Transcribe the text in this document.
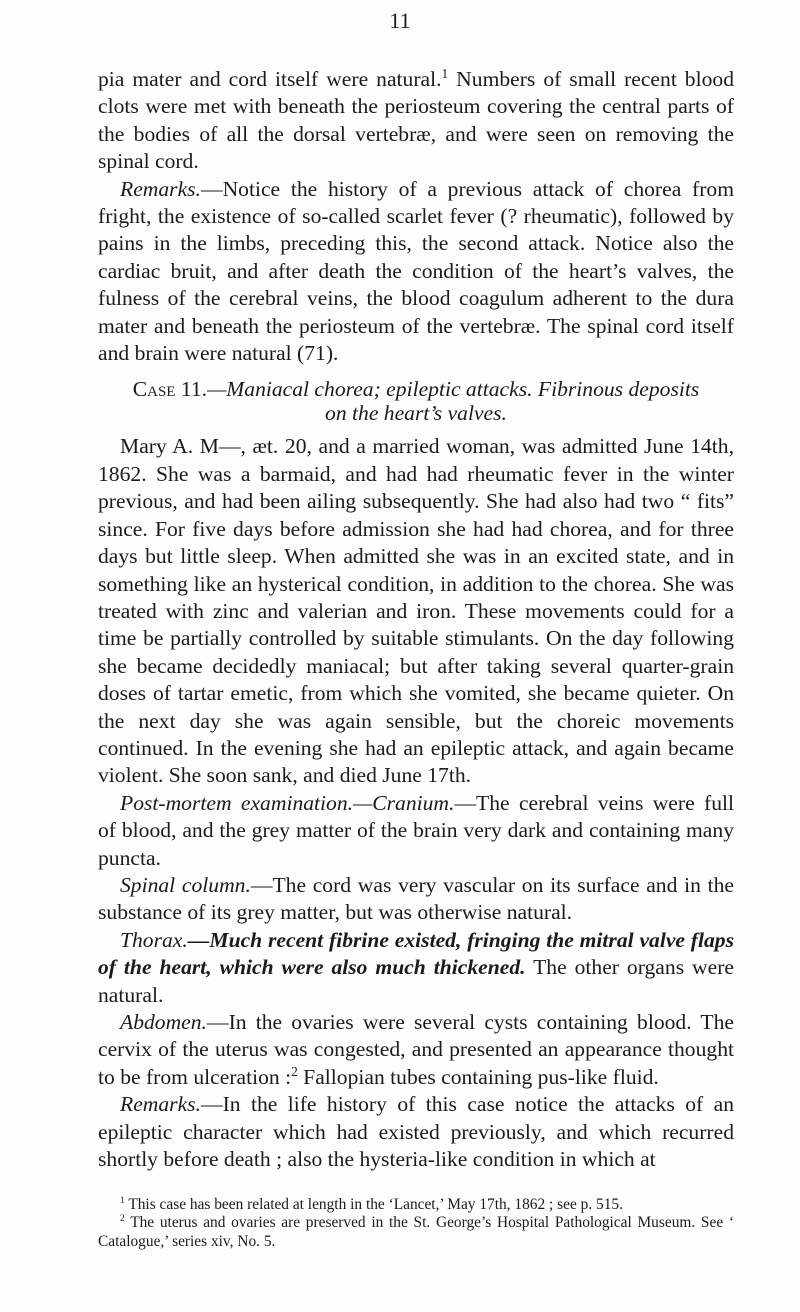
11

pia mater and cord itself were natural.$^1$ Numbers of small recent blood clots were met with beneath the periosteum covering the central parts of the bodies of all the dorsal vertebræ, and were seen on removing the spinal cord.

Remarks.—Notice the history of a previous attack of chorea from fright, the existence of so-called scarlet fever (? rheumatic), followed by pains in the limbs, preceding this, the second attack. Notice also the cardiac bruit, and after death the condition of the heart’s valves, the fulness of the cerebral veins, the blood coagulum adherent to the dura mater and beneath the periosteum of the vertebræ. The spinal cord itself and brain were natural (71).

Case 11.—Maniacal chorea; epileptic attacks. Fibrinous deposits

on the heart’s valves.

Mary A. M—, æt. 20, and a married woman, was admitted June 14th, 1862. She was a barmaid, and had had rheumatic fever in the winter previous, and had been ailing subsequently. She had also had two “ fits” since. For five days before admission she had had chorea, and for three days but little sleep. When admitted she was in an excited state, and in something like an hysterical condition, in addition to the chorea. She was treated with zinc and valerian and iron. These movements could for a time be partially controlled by suitable stimulants. On the day following she became decidedly maniacal; but after taking several quarter-grain doses of tartar emetic, from which she vomited, she became quieter. On the next day she was again sensible, but the choreic movements continued. In the evening she had an epileptic attack, and again became violent. She soon sank, and died June 17th.

Post-mortem examination.—Cranium.—The cerebral veins were full of blood, and the grey matter of the brain very dark and containing many puncta.

Spinal column.—The cord was very vascular on its surface and in the substance of its grey matter, but was otherwise natural.

Thorax.—Much recent fibrine existed, fringing the mitral valve flaps of the heart, which were also much thickened. The other organs were natural.

Abdomen.—In the ovaries were several cysts containing blood. The cervix of the uterus was congested, and presented an appearance thought to be from ulceration :$^2$ Fallopian tubes containing pus-like fluid.

Remarks.—In the life history of this case notice the attacks of an epileptic character which had existed previously, and which recurred shortly before death ; also the hysteria-like condition in which at

$^1$ This case has been related at length in the ‘Lancet,’ May 17th, 1862 ; see p. 515.

$^2$ The uterus and ovaries are preserved in the St. George’s Hospital Pathological Museum. See ‘ Catalogue,’ series xiv, No. 5.
